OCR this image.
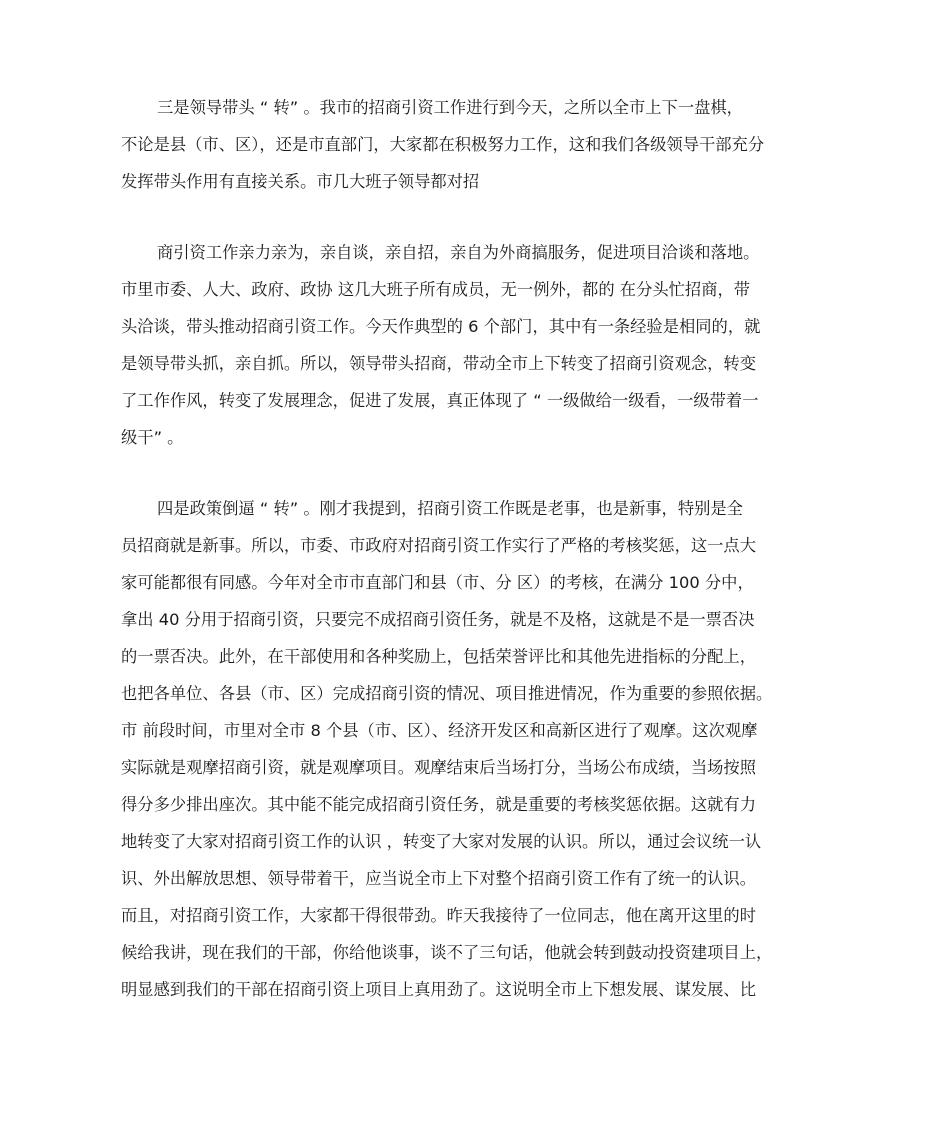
三是领导带头 “ 转” 。我市的招商引资工作进行到今天，之所以全市上下一盘棋，
不论是县（市、区），还是市直部门，大家都在积极努力工作，这和我们各级领导干部充分
发挥带头作用有直接关系。市几大班子领导都对招
商引资工作亲力亲为，亲自谈，亲自招，亲自为外商搞服务，促进项目洽谈和落地。
市里市委、人大、政府、政协 这几大班子所有成员，无一例外，都的 在分头忙招商，带
头洽谈，带头推动招商引资工作。今天作典型的 6 个部门，其中有一条经验是相同的，就
是领导带头抓，亲自抓。所以，领导带头招商，带动全市上下转变了招商引资观念，转变
了工作作风，转变了发展理念，促进了发展，真正体现了 “ 一级做给一级看，一级带着一
级干” 。
四是政策倒逼 “ 转” 。刚才我提到，招商引资工作既是老事，也是新事，特别是全
员招商就是新事。所以，市委、市政府对招商引资工作实行了严格的考核奖惩，这一点大
家可能都很有同感。今年对全市市直部门和县（市、分 区）的考核，在满分 100 分中，
拿出 40 分用于招商引资，只要完不成招商引资任务，就是不及格，这就是不是一票否决
的一票否决。此外，在干部使用和各种奖励上，包括荣誉评比和其他先进指标的分配上，
也把各单位、各县（市、区）完成招商引资的情况、项目推进情况，作为重要的参照依据。
市 前段时间，市里对全市 8 个县（市、区）、经济开发区和高新区进行了观摩。这次观摩
实际就是观摩招商引资，就是观摩项目。观摩结束后当场打分，当场公布成绩，当场按照
得分多少排出座次。其中能不能完成招商引资任务，就是重要的考核奖惩依据。这就有力
地转变了大家对招商引资工作的认识 ，转变了大家对发展的认识。所以，通过会议统一认
识、外出解放思想、领导带着干，应当说全市上下对整个招商引资工作有了统一的认识。
而且，对招商引资工作，大家都干得很带劲。昨天我接待了一位同志，他在离开这里的时
候给我讲，现在我们的干部，你给他谈事，谈不了三句话，他就会转到鼓动投资建项目上，
明显感到我们的干部在招商引资上项目上真用劲了。这说明全市上下想发展、谋发展、比
